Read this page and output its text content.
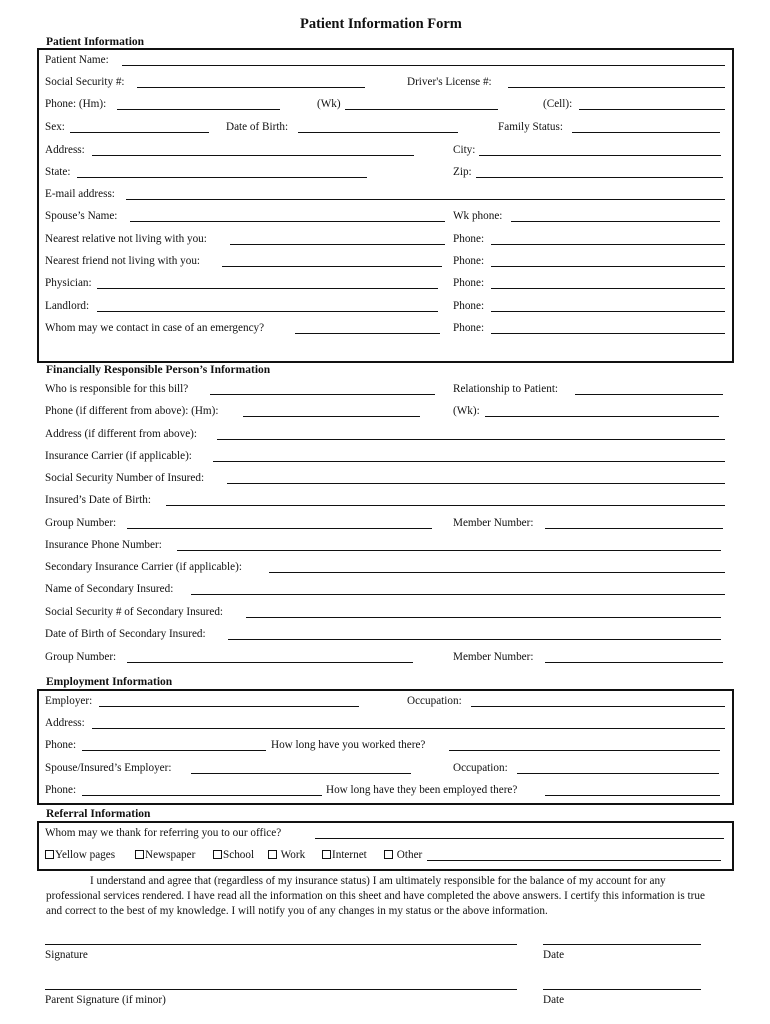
Patient Information Form
Patient Information
Patient Name:
Social Security #:	Driver's License #:
Phone: (Hm):	(Wk)	(Cell):
Sex:	Date of Birth:	Family Status:
Address:	City:
State:	Zip:
E-mail address:
Spouse’s Name:	Wk phone:
Nearest relative not living with you:	Phone:
Nearest friend not living with you:	Phone:
Physician:	Phone:
Landlord:	Phone:
Whom may we contact in case of an emergency?	Phone:
Financially Responsible Person’s Information
Who is responsible for this bill?	Relationship to Patient:
Phone (if different from above): (Hm):	(Wk):
Address (if different from above):
Insurance Carrier (if applicable):
Social Security Number of Insured:
Insured’s Date of Birth:
Group Number:	Member Number:
Insurance Phone Number:
Secondary Insurance Carrier (if applicable):
Name of Secondary Insured:
Social Security # of Secondary Insured:
Date of Birth of Secondary Insured:
Group Number:	Member Number:
Employment Information
Employer:	Occupation:
Address:
Phone:	How long have you worked there?
Spouse/Insured’s Employer:	Occupation:
Phone:	How long have they been employed there?
Referral Information
Whom may we thank for referring you to our office?
Yellow pages	Newspaper	School	Work	Internet	Other
I understand and agree that (regardless of my insurance status) I am ultimately responsible for the balance of my account for any professional services rendered. I have read all the information on this sheet and have completed the above answers. I certify this information is true and correct to the best of my knowledge. I will notify you of any changes in my status or the above information.
Signature	Date
Parent Signature (if minor)	Date
